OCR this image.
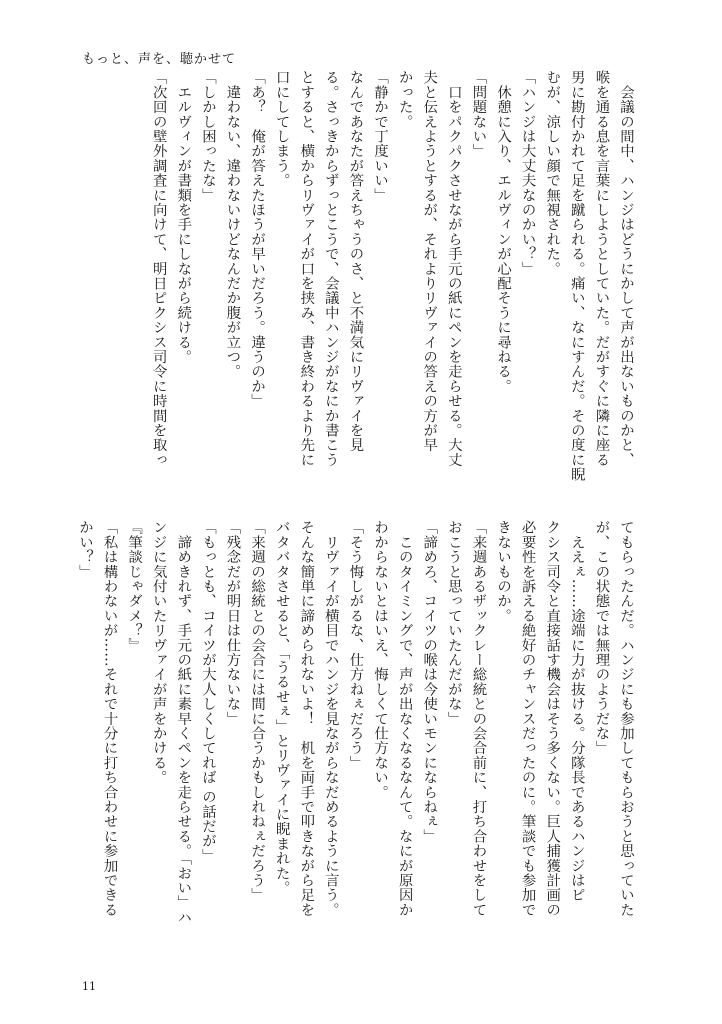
もっと、声を、聴かせて

　会議の間中、ハンジはどうにかして声が出ないものかと、

喉を通る息を言葉にしようとしていた。だがすぐに隣に座る

男に勘付かれて足を蹴られる。痛い、なにすんだ。その度に睨

むが、涼しい顔で無視された。

「ハンジは大丈夫なのかい？」

　休憩に入り、エルヴィンが心配そうに尋ねる。

「問題ない」

　口をパクパクさせながら手元の紙にペンを走らせる。大丈

夫と伝えようとするが、それよりリヴァイの答えの方が早

かった。

「静かで丁度いい」

なんであなたが答えちゃうのさ、と不満気にリヴァイを見

る。さっきからずっとこうで、会議中ハンジがなにか書こう

とすると、横からリヴァイが口を挟み、書き終わるより先に

口にしてしまう。

「あ？　俺が答えたほうが早いだろう。違うのか」

　違わない、違わないけどなんだか腹が立つ。

「しかし困ったな」

　エルヴィンが書類を手にしながら続ける。

「次回の壁外調査に向けて、明日ピクシス司令に時間を取っ

てもらったんだ。ハンジにも参加してもらおうと思っていた

が、この状態では無理のようだな」

　ええぇ……途端に力が抜ける。分隊長であるハンジはピ

クシス司令と直接話す機会はそう多くない。巨人捕獲計画の

必要性を訴える絶好のチャンスだったのに。筆談でも参加で

きないものか。

「来週あるザックレー総統との会合前に、打ち合わせをして

おこうと思っていたんだがな」

「諦めろ、コイツの喉は今使いモンにならねぇ」

　このタイミングで、声が出なくなるなんて。なにが原因か

わからないとはいえ、悔しくて仕方ない。

「そう悔しがるな、仕方ねぇだろう」

　リヴァイが横目でハンジを見ながらなだめるように言う。

そんな簡単に諦められないよ！　机を両手で叩きながら足を

バタバタさせると、「うるせぇ」とリヴァイに睨まれた。

「来週の総統との会合には間に合うかもしれねぇだろう」

「残念だが明日は仕方ないな」

「もっとも、コイツが大人しくしてれば の話だが」

　諦めきれず、手元の紙に素早くペンを走らせる。「おい」ハ

ンジに気付いたリヴァイが声をかける。

『筆談じゃダメ？』

「私は構わないが……それで十分に打ち合わせに参加できる

かい？」

11
